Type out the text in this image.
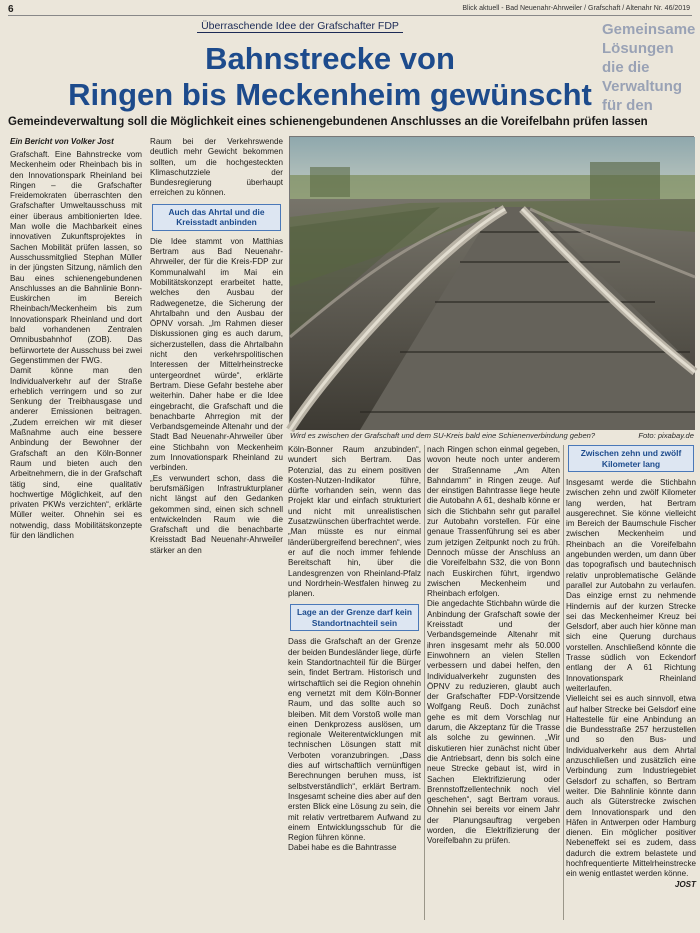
6	Blick aktuell - Bad Neuenahr-Ahrweiler / Grafschaft / Altenahr Nr. 46/2019
Gemeinsame Lösungen
die die Verwaltung für den
Überraschende Idee der Grafschafter FDP
Bahnstrecke von
Ringen bis Meckenheim gewünscht
Gemeindeverwaltung soll die Möglichkeit eines schienengebundenen Anschlusses an die Voreifelbahn prüfen lassen
Ein Bericht von Volker Jost

Grafschaft. Eine Bahnstrecke vom Meckenheim oder Rheinbach bis in den Innovationspark Rheinland bei Ringen – die Grafschafter Freidemokraten überraschten den Grafschafter Umweltausschuss mit einer überaus ambitionierten Idee. Man wolle die Machbarkeit eines innovativen Zukunftsprojektes in Sachen Mobilität prüfen lassen, so Ausschussmitglied Stephan Müller in der jüngsten Sitzung, nämlich den Bau eines schienengebundenen Anschlusses an die Bahnlinie Bonn-Euskirchen im Bereich Rheinbach/Meckenheim bis zum Innovationspark Rheinland und dort bald vorhandenen Zentralen Omnibusbahnhof (ZOB). Das befürwortete der Ausschuss bei zwei Gegenstimmen der FWG.

Damit könne man den Individualverkehr auf der Straße erheblich verringern und so zur Senkung der Treibhausgase und anderer Emissionen beitragen. „Zudem erreichen wir mit dieser Maßnahme auch eine bessere Anbindung der Bewohner der Grafschaft an den Köln-Bonner Raum und bieten auch den Arbeitnehmern, die in der Grafschaft tätig sind, eine qualitativ hochwertige Möglichkeit, auf den privaten PKWs verzichten“, erklärte Müller weiter. Ohnehin sei es notwendig, dass Mobilitätskonzepte für den ländlichen

Raum bei der Verkehrswende deutlich mehr Gewicht bekommen sollten, um die hochgesteckten Klimaschutzziele der Bundesregierung überhaupt erreichen zu können.

Auch das Ahrtal und die Kreisstadt anbinden

Die Idee stammt von Matthias Bertram aus Bad Neuenahr-Ahrweiler, der für die Kreis-FDP zur Kommunalwahl im Mai ein Mobilitätskonzept erarbeitet hatte, welches den Ausbau der Radwegenetze, die Sicherung der Ahrtalbahn und den Ausbau der ÖPNV vorsah. „Im Rahmen dieser Diskussionen ging es auch darum, sicherzustellen, dass die Ahrtalbahn nicht den verkehrspolitischen Interessen der Mittelrheinstrecke untergeordnet würde“, erklärte Bertram. Diese Gefahr bestehe aber weiterhin. Daher habe er die Idee eingebracht, die Grafschaft und die benachbarte Ahrregion mit der Verbandsgemeinde Altenahr und der Stadt Bad Neuenahr-Ahrweiler über eine Stichbahn von Meckenheim zum Innovationspark Rheinland zu verbinden.

„Es verwundert schon, dass die berufsmäßigen Infrastrukturplaner nicht längst auf den Gedanken gekommen sind, einen sich schnell entwickelnden Raum wie die Grafschaft und die benachbarte Kreisstadt Bad Neuenahr-Ahrweiler stärker an den

Wird es zwischen der Grafschaft und dem SU-Kreis bald eine Schienenverbindung geben?	Foto: pixabay.de

Köln-Bonner Raum anzubinden“, wundert sich Bertram. Das Potenzial, das zu einem positiven Kosten-Nutzen-Indikator führe, dürfte vorhanden sein, wenn das Projekt klar und einfach strukturiert und nicht mit unrealistischen Zusatzwünschen überfrachtet werde. „Man müsste es nur einmal länderübergreifend berechnen“, wies er auf die noch immer fehlende Bereitschaft hin, über die Landesgrenzen von Rheinland-Pfalz und Nordrhein-Westfalen hinweg zu planen.

Lage an der Grenze darf kein Standortnachteil sein

Dass die Grafschaft an der Grenze der beiden Bundesländer liege, dürfe kein Standortnachteil für die Bürger sein, findet Bertram. Historisch und wirtschaftlich sei die Region ohnehin eng vernetzt mit dem Köln-Bonner Raum, und das sollte auch so bleiben. Mit dem Vorstoß wolle man einen Denkprozess auslösen, um regionale Weiterentwicklungen mit technischen Lösungen statt mit Verboten voranzubringen. „Dass dies auf wirtschaftlich vernünftigen Berechnungen beruhen muss, ist selbstverständlich“, erklärt Bertram. Insgesamt scheine dies aber auf den ersten Blick eine Lösung zu sein, die mit relativ vertretbarem Aufwand zu einem Entwicklungsschub für die Region führen könne.

Dabei habe es die Bahntrasse

nach Ringen schon einmal gegeben, wovon heute noch unter anderem der Straßenname „Am Alten Bahndamm“ in Ringen zeuge. Auf der einstigen Bahntrasse liege heute die Autobahn A 61, deshalb könne er sich die Stichbahn sehr gut parallel zur Autobahn vorstellen. Für eine genaue Trassenführung sei es aber zum jetzigen Zeitpunkt noch zu früh. Dennoch müsse der Anschluss an die Voreifelbahn S32, die von Bonn nach Euskirchen führt, irgendwo zwischen Meckenheim und Rheinbach erfolgen.

Die angedachte Stichbahn würde die Anbindung der Grafschaft sowie der Kreisstadt und der Verbandsgemeinde Altenahr mit ihren insgesamt mehr als 50.000 Einwohnern an vielen Stellen verbessern und dabei helfen, den Individualverkehr zugunsten des ÖPNV zu reduzieren, glaubt auch der Grafschafter FDP-Vorsitzende Wolfgang Reuß. Doch zunächst gehe es mit dem Vorschlag nur darum, die Akzeptanz für die Trasse als solche zu gewinnen. „Wir diskutieren hier zunächst nicht über die Antriebsart, denn bis solch eine neue Strecke gebaut ist, wird in Sachen Elektrifizierung oder Brennstoffzellentechnik noch viel geschehen“, sagt Bertram voraus. Ohnehin sei bereits vor einem Jahr der Planungsauftrag vergeben worden, die Elektrifizierung der Voreifelbahn zu prüfen.

Zwischen zehn und zwölf Kilometer lang

Insgesamt werde die Stichbahn zwischen zehn und zwölf Kilometer lang werden, hat Bertram ausgerechnet. Sie könne vielleicht im Bereich der Baumschule Fischer zwischen Meckenheim und Rheinbach an die Voreifelbahn angebunden werden, um dann über das topografisch und bautechnisch relativ unproblematische Gelände parallel zur Autobahn zu verlaufen. Das einzige ernst zu nehmende Hindernis auf der kurzen Strecke sei das Meckenheimer Kreuz bei Gelsdorf, aber auch hier könne man sich eine Querung durchaus vorstellen. Anschließend könnte die Trasse südlich von Eckendorf entlang der A 61 Richtung Innovationspark Rheinland weiterlaufen.

Vielleicht sei es auch sinnvoll, etwa auf halber Strecke bei Gelsdorf eine Haltestelle für eine Anbindung an die Bundesstraße 257 herzustellen und so den Bus- und Individualverkehr aus dem Ahrtal anzuschließen und zusätzlich eine Verbindung zum Industriegebiet Gelsdorf zu schaffen, so Bertram weiter. Die Bahnlinie könnte dann auch als Güterstrecke zwischen dem Innovationspark und den Häfen in Antwerpen oder Hamburg dienen. Ein möglicher positiver Nebeneffekt sei es zudem, dass dadurch die extrem belastete und hochfrequentierte Mittelrheinstrecke ein wenig entlastet werden könne.

JOST
